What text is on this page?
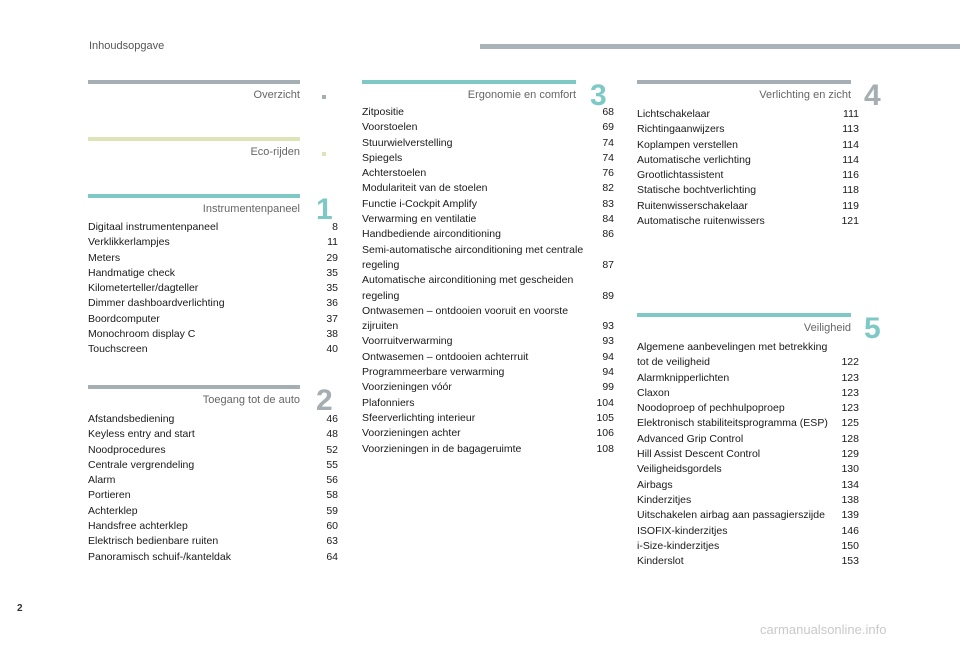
Inhoudsopgave
Overzicht
Eco-rijden
Instrumentenpaneel 1
Digitaal instrumentenpaneel	8
Verklikkerlampjes	11
Meters	29
Handmatige check	35
Kilometerteller/dagteller	35
Dimmer dashboardverlichting	36
Boordcomputer	37
Monochroom display C	38
Touchscreen	40
Toegang tot de auto 2
Afstandsbediening	46
Keyless entry and start	48
Noodprocedures	52
Centrale vergrendeling	55
Alarm	56
Portieren	58
Achterklep	59
Handsfree achterklep	60
Elektrisch bedienbare ruiten	63
Panoramisch schuif-/kanteldak	64
Ergonomie en comfort 3
Zitpositie	68
Voorstoelen	69
Stuurwielverstelling	74
Spiegels	74
Achterstoelen	76
Modulariteit van de stoelen	82
Functie i-Cockpit Amplify	83
Verwarming en ventilatie	84
Handbediende airconditioning	86
Semi-automatische airconditioning met centrale regeling	87
Automatische airconditioning met gescheiden regeling	89
Ontwasemen – ontdooien vooruit en voorste zijruiten	93
Voorruitverwarming	93
Ontwasemen – ontdooien achterruit	94
Programmeerbare verwarming	94
Voorzieningen vóór	99
Plafonniers	104
Sfeerverlichting interieur	105
Voorzieningen achter	106
Voorzieningen in de bagageruimte	108
Verlichting en zicht 4
Lichtschakelaar	111
Richtingaanwijzers	113
Koplampen verstellen	114
Automatische verlichting	114
Grootlichtassistent	116
Statische bochtverlichting	118
Ruitenwisserschakelaar	119
Automatische ruitenwissers	121
Veiligheid 5
Algemene aanbevelingen met betrekking tot de veiligheid	122
Alarmknipperlichten	123
Claxon	123
Noodoproep of pechhulpoproep	123
Elektronisch stabiliteitsprogramma (ESP) 125
Advanced Grip Control	128
Hill Assist Descent Control	129
Veiligheidsgordels	130
Airbags	134
Kinderzitjes	138
Uitschakelen airbag aan passagierszijde 139
ISOFIX-kinderzitjes	146
i-Size-kinderzitjes	150
Kinderslot	153
2
carmanualsonline.info
